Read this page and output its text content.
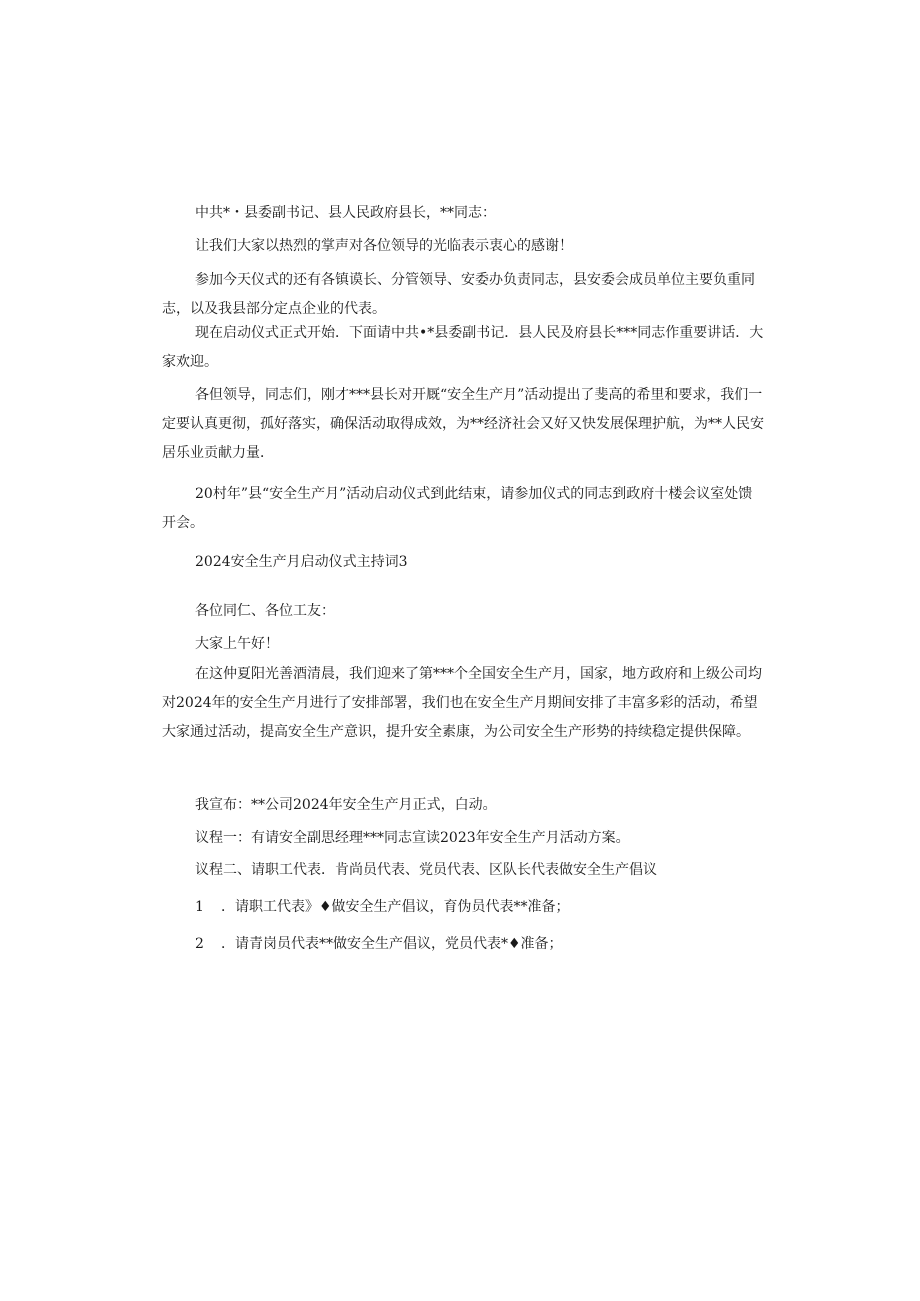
中共*・县委副书记、县人民政府县长，**同志：

让我们大家以热烈的掌声对各位领导的光临表示衷心的感谢！

参加今天仪式的还有各镇谟长、分管领导、安委办负责同志，县安委会成员单位主要负重同志，以及我县部分定点企业的代表。

现在启动仪式正式开始．下面请中共•*县委副书记．县人民及府县长***同志作重要讲话．大家欢迎。

各但领导，同志们，刚才***县长对开厩“安全生产月”活动提出了斐高的希里和要求，我们一定要认真更彻，孤好落实，确保活动取得成效，为**经济社会又好又快发展保理护航，为**人民安居乐业贡献力量．

20村年”县“安全生产月”活动启动仪式到此结束，请参加仪式的同志到政府十楼会议室处馈开会。

2024安全生产月启动仪式主持词3

各位同仁、各位工友：

大家上午好！

在这仲夏阳光善酒清晨，我们迎来了第***个全国安全生产月，国家，地方政府和上级公司均对2024年的安全生产月进行了安排部署，我们也在安全生产月期间安排了丰富多彩的活动，希望大家通过活动，提高安全生产意识，提升安全素康，为公司安全生产形势的持续稳定提供保障。

我宣布：**公司2024年安全生产月正式，白动。

议程一：有请安全副思经理***同志宣读2023年安全生产月活动方案。

议程二、请职工代表．肯尚员代表、党员代表、区队长代表做安全生产倡议

1 ．请职工代表》♦做安全生产倡议，育伪员代表**准备；
2 ．请青岗员代表**做安全生产倡议，党员代表*♦准备；
